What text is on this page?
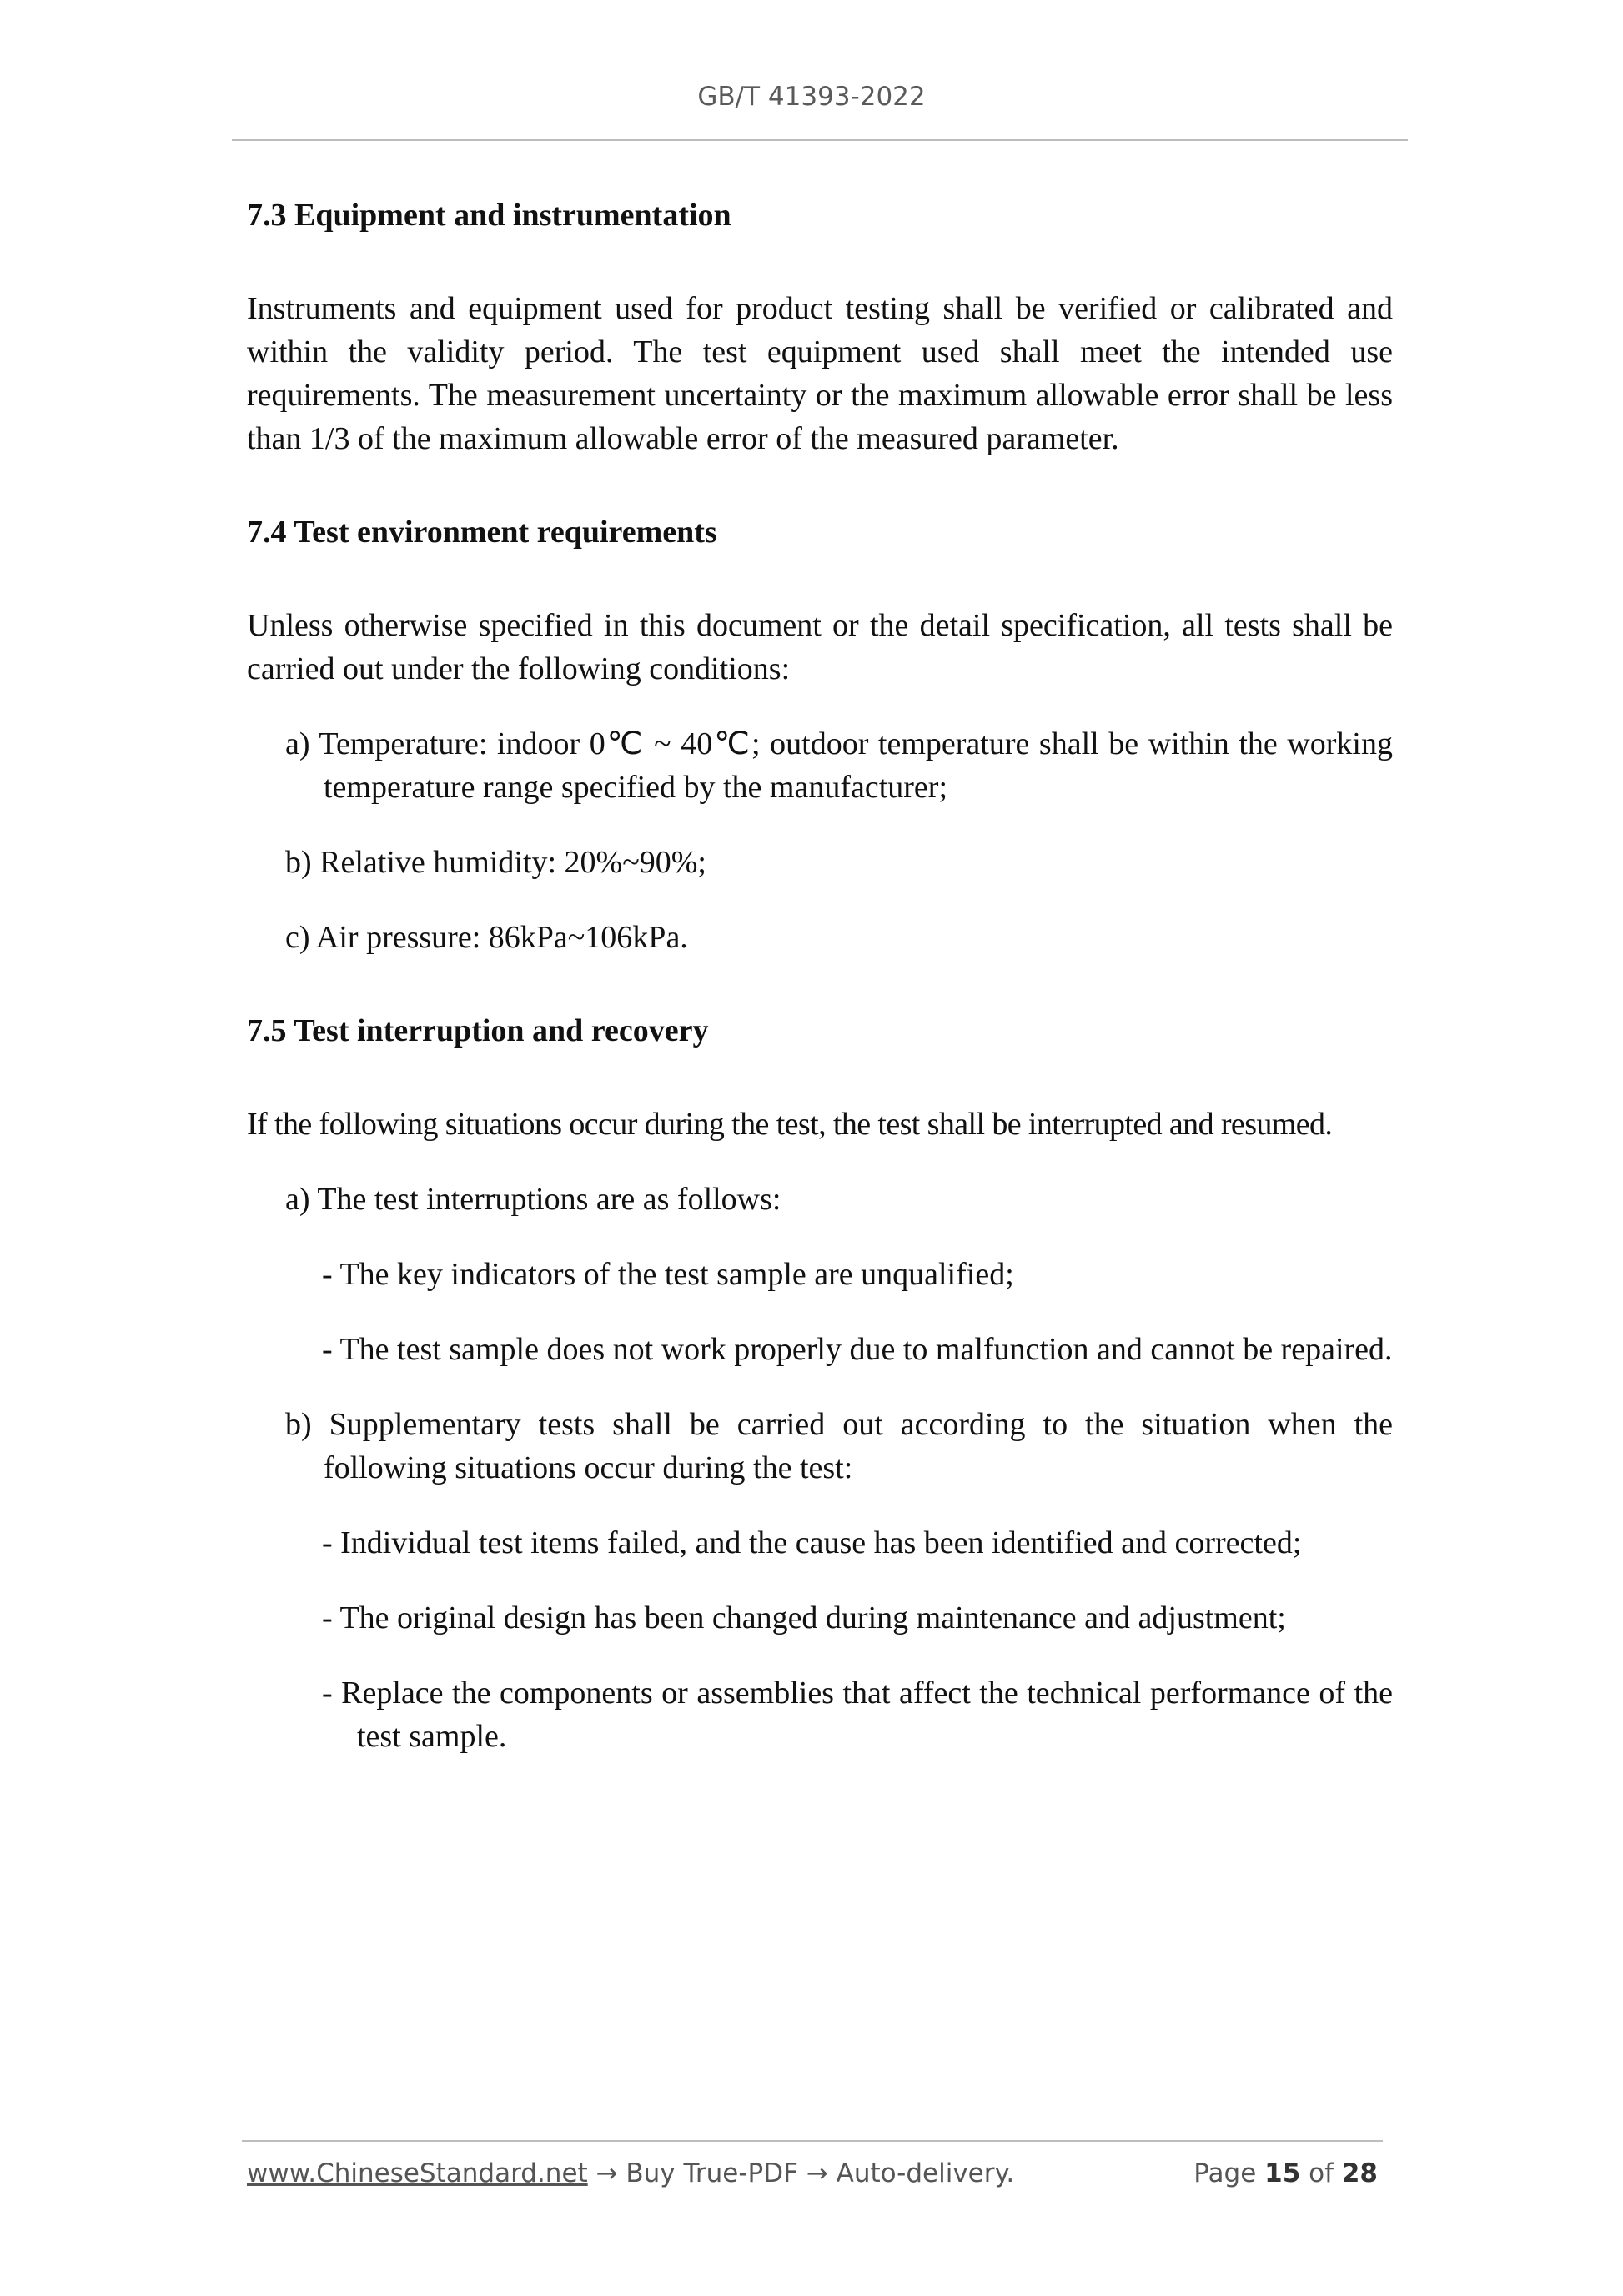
GB/T 41393-2022

7.3 Equipment and instrumentation

Instruments and equipment used for product testing shall be verified or calibrated and within the validity period. The test equipment used shall meet the intended use requirements. The measurement uncertainty or the maximum allowable error shall be less than 1/3 of the maximum allowable error of the measured parameter.

7.4 Test environment requirements

Unless otherwise specified in this document or the detail specification, all tests shall be carried out under the following conditions:

a) Temperature: indoor 0℃ ~ 40℃; outdoor temperature shall be within the working temperature range specified by the manufacturer;

b) Relative humidity: 20%~90%;

c) Air pressure: 86kPa~106kPa.

7.5 Test interruption and recovery

If the following situations occur during the test, the test shall be interrupted and resumed.

a) The test interruptions are as follows:

- The key indicators of the test sample are unqualified;

- The test sample does not work properly due to malfunction and cannot be repaired.

b) Supplementary tests shall be carried out according to the situation when the following situations occur during the test:

- Individual test items failed, and the cause has been identified and corrected;

- The original design has been changed during maintenance and adjustment;

- Replace the components or assemblies that affect the technical performance of the test sample.

www.ChineseStandard.net → Buy True-PDF → Auto-delivery.	Page 15 of 28
